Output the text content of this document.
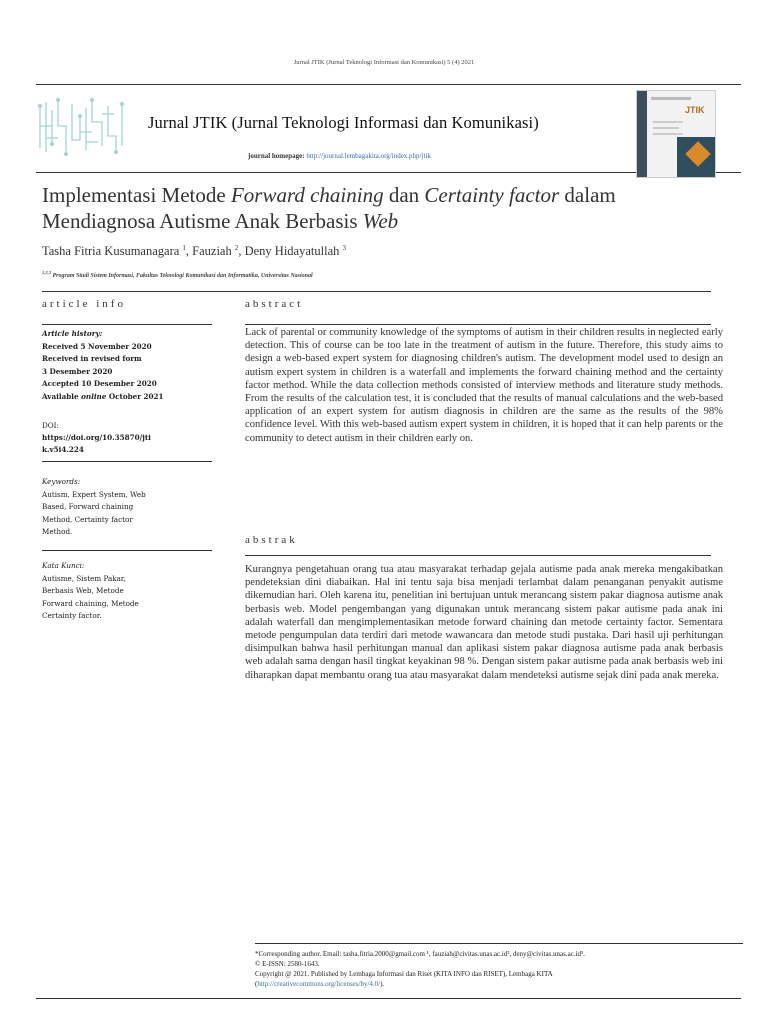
Jurnal JTIK (Jurnal Teknologi Informasi dan Komunikasi) 5 (4) 2021
Jurnal JTIK (Jurnal Teknologi Informasi dan Komunikasi)
journal homepage: http://journal.lembagakita.org/index.php/jtik
JTIK
Implementasi Metode Forward chaining dan Certainty factor dalam
Mendiagnosa Autisme Anak Berbasis Web
Tasha Fitria Kusumanagara $^1$, Fauziah $^2$, Deny Hidayatullah $^3$
$^{1,2,3}$ Program Studi Sistem Informasi, Fakultas Teknologi Komunikasi dan Informatika, Universitas Nasional
article info	abstract
Article history:
Received 5 November 2020
Received in revised form
3 Desember 2020
Accepted 10 Desember 2020
Available online October 2021
DOI:
https://doi.org/10.35870/jti
k.v5i4.224
Keywords:
Autism, Expert System, Web
Based, Forward chaining
Method, Certainty factor
Method.
Kata Kunci:
Autisme, Sistem Pakar,
Berbasis Web, Metode
Forward chaining, Metode
Certainty factor.
Lack of parental or community knowledge of the symptoms of autism in their children results in neglected early detection. This of course can be too late in the treatment of autism in the future. Therefore, this study aims to design a web-based expert system for diagnosing children's autism. The development model used to design an autism expert system in children is a waterfall and implements the forward chaining method and the certainty factor method. While the data collection methods consisted of interview methods and literature study methods. From the results of the calculation test, it is concluded that the results of manual calculations and the web-based application of an expert system for autism diagnosis in children are the same as the results of the 98% confidence level. With this web-based autism expert system in children, it is hoped that it can help parents or the community to detect autism in their children early on.
abstrak
Kurangnya pengetahuan orang tua atau masyarakat terhadap gejala autisme pada anak mereka mengakibatkan pendeteksian dini diabaikan. Hal ini tentu saja bisa menjadi terlambat dalam penanganan penyakit autisme dikemudian hari. Oleh karena itu, penelitian ini bertujuan untuk merancang sistem pakar diagnosa autisme anak berbasis web. Model pengembangan yang digunakan untuk merancang sistem pakar autisme pada anak ini adalah waterfall dan mengimplementasikan metode forward chaining dan metode certainty factor. Sementara metode pengumpulan data terdiri dari metode wawancara dan metode studi pustaka. Dari hasil uji perhitungan disimpulkan bahwa hasil perhitungan manual dan aplikasi sistem pakar diagnosa autisme pada anak berbasis web adalah sama dengan hasil tingkat keyakinan 98 %. Dengan sistem pakar autisme pada anak berbasis web ini diharapkan dapat membantu orang tua atau masyarakat dalam mendeteksi autisme sejak dini pada anak mereka.
*Corresponding author. Email: tasha.fitria.2000@gmail.com ¹, fauziah@civitas.unas.ac.id², deny@civitas.unas.ac.id³.
© E-ISSN: 2580-1643.
Copyright @ 2021. Published by Lembaga Informasi dan Riset (KITA INFO dan RISET), Lembaga KITA
(http://creativecommons.org/licenses/by/4.0/).
